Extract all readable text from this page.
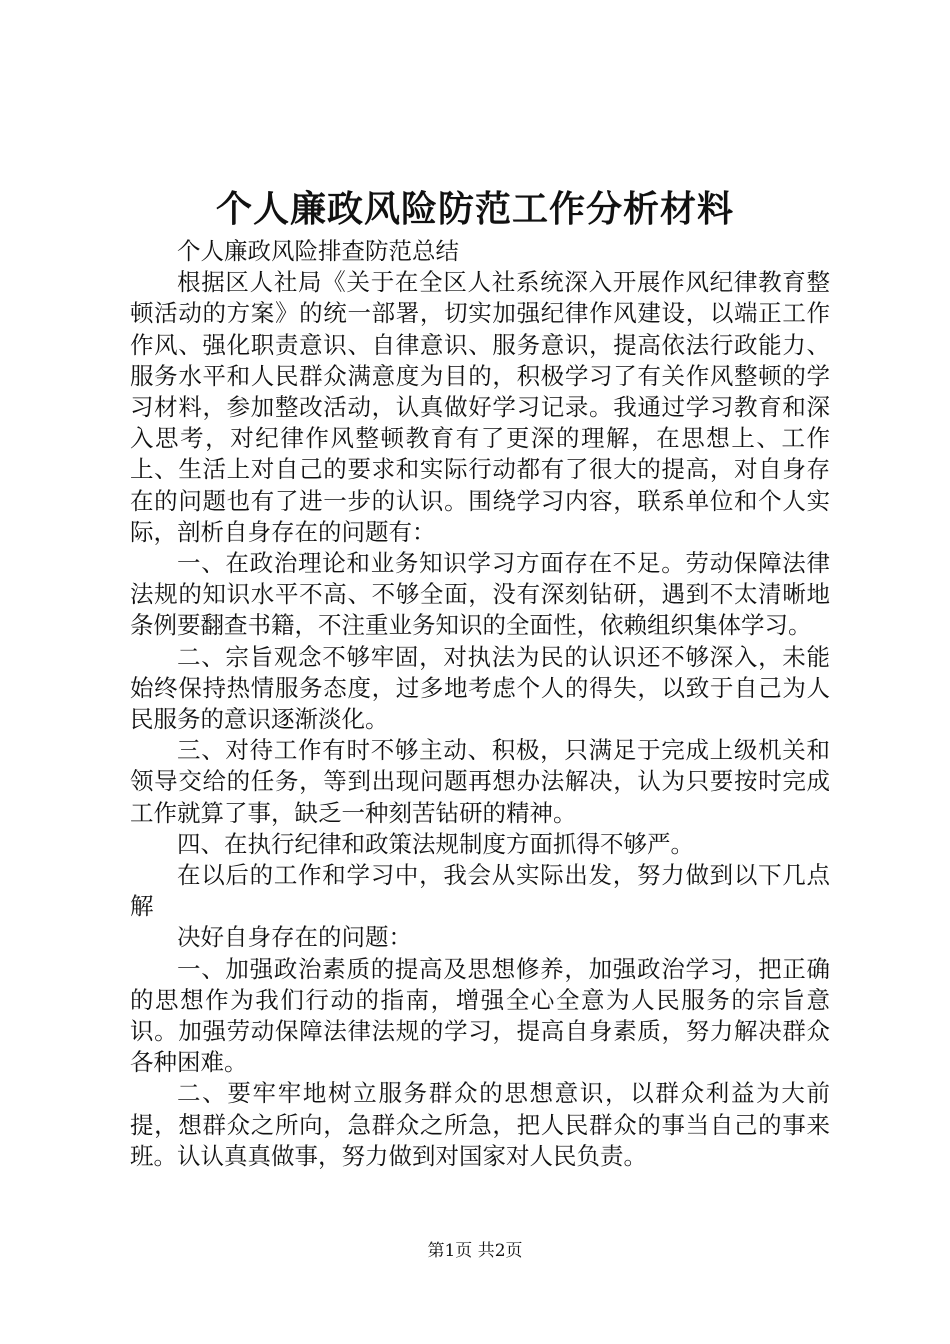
个人廉政风险防范工作分析材料

个人廉政风险排查防范总结

根据区人社局《关于在全区人社系统深入开展作风纪律教育整顿活动的方案》的统一部署，切实加强纪律作风建设，以端正工作作风、强化职责意识、自律意识、服务意识，提高依法行政能力、服务水平和人民群众满意度为目的，积极学习了有关作风整顿的学习材料，参加整改活动，认真做好学习记录。我通过学习教育和深入思考，对纪律作风整顿教育有了更深的理解，在思想上、工作上、生活上对自己的要求和实际行动都有了很大的提高，对自身存在的问题也有了进一步的认识。围绕学习内容，联系单位和个人实际，剖析自身存在的问题有：

一、在政治理论和业务知识学习方面存在不足。劳动保障法律法规的知识水平不高、不够全面，没有深刻钻研，遇到不太清晰地条例要翻查书籍，不注重业务知识的全面性，依赖组织集体学习。

二、宗旨观念不够牢固，对执法为民的认识还不够深入，未能始终保持热情服务态度，过多地考虑个人的得失，以致于自己为人民服务的意识逐渐淡化。

三、对待工作有时不够主动、积极，只满足于完成上级机关和领导交给的任务，等到出现问题再想办法解决，认为只要按时完成工作就算了事，缺乏一种刻苦钻研的精神。

四、在执行纪律和政策法规制度方面抓得不够严。

在以后的工作和学习中，我会从实际出发，努力做到以下几点解

决好自身存在的问题：

一、加强政治素质的提高及思想修养，加强政治学习，把正确的思想作为我们行动的指南，增强全心全意为人民服务的宗旨意识。加强劳动保障法律法规的学习，提高自身素质，努力解决群众各种困难。

二、要牢牢地树立服务群众的思想意识，以群众利益为大前提，想群众之所向，急群众之所急，把人民群众的事当自己的事来班。认认真真做事，努力做到对国家对人民负责。

第1页 共2页
